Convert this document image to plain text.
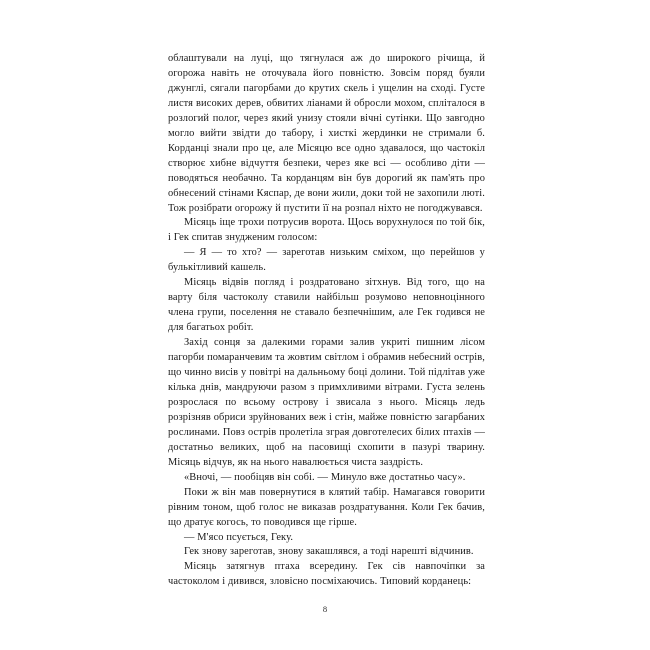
облаштували на луці, що тягнулася аж до широкого річища, й огорожа навіть не оточувала його повністю. Зовсім поряд буяли джунглі, сягали пагорбами до крутих скель і ущелин на сході. Густе листя високих дерев, обвитих ліанами й обросли мохом, спліталося в розлогий полог, через який унизу стояли вічні сутінки. Що завгодно могло вийти звідти до табору, і хисткі жердинки не стримали б. Корданці знали про це, але Місяцю все одно здавалося, що частокіл створює хибне відчуття безпеки, через яке всі — особливо діти — поводяться необачно. Та корданцям він був дорогий як пам'ять про обнесений стінами Кяспар, де вони жили, доки той не захопили люті. Тож розібрати огорожу й пустити її на розпал ніхто не погоджувався.

Місяць іще трохи потрусив ворота. Щось ворухнулося по той бік, і Гек спитав знудженим голосом:

— Я — то хто? — зареготав низьким сміхом, що перейшов у булькітливий кашель.

Місяць відвів погляд і роздратовано зітхнув. Від того, що на варту біля частоколу ставили найбільш розумово неповноцінного члена групи, поселення не ставало безпечнішим, але Гек годився не для багатьох робіт.

Захід сонця за далекими горами залив укриті пишним лісом пагорби помаранчевим та жовтим світлом і обрамив небесний острів, що чинно висів у повітрі на дальньому боці долини. Той підлітав уже кілька днів, мандруючи разом з примхливими вітрами. Густа зелень розрослася по всьому острову і звисала з нього. Місяць ледь розрізняв обриси зруйнованих веж і стін, майже повністю загарбаних рослинами. Повз острів пролетіла зграя довготелесих білих птахів — достатньо великих, щоб на пасовищі схопити в пазурі тварину. Місяць відчув, як на нього навалюється чиста заздрість.

«Вночі, — пообіцяв він собі. — Минуло вже достатньо часу».

Поки ж він мав повернутися в клятий табір. Намагався говорити рівним тоном, щоб голос не виказав роздратування. Коли Гек бачив, що дратує когось, то поводився ще гірше.

— М'ясо псується, Геку.

Гек знову зареготав, знову закашлявся, а тоді нарешті відчинив.

Місяць затягнув птаха всередину. Гек сів навпочіпки за частоколом і дивився, зловісно посміхаючись. Типовий корданець:

8
